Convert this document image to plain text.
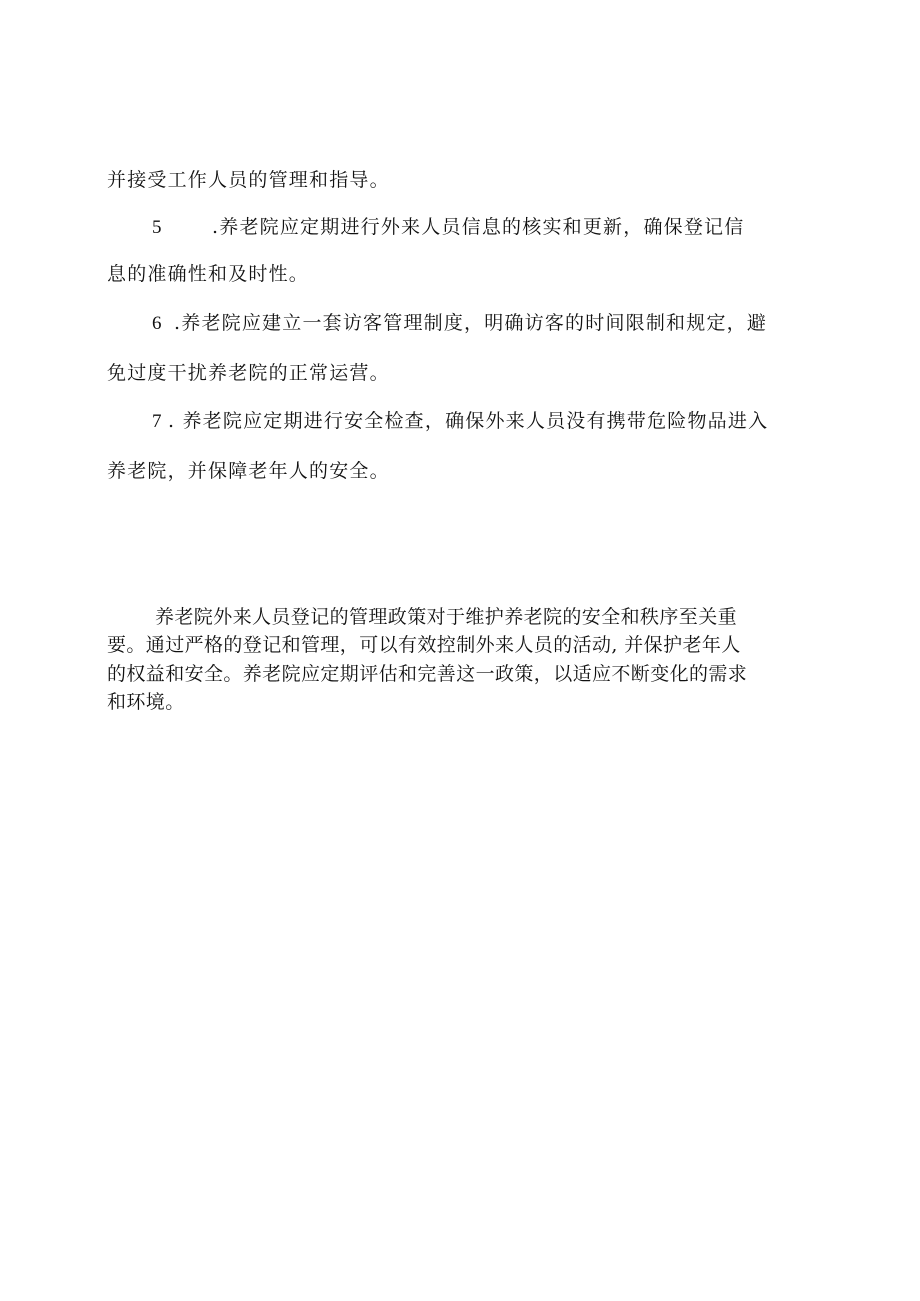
并接受工作人员的管理和指导。
5	.养老院应定期进行外来人员信息的核实和更新，确保登记信
息的准确性和及时性。
6 .养老院应建立一套访客管理制度，明确访客的时间限制和规定，避
免过度干扰养老院的正常运营。
7 . 养老院应定期进行安全检查，确保外来人员没有携带危险物品进入
养老院，并保障老年人的安全。
养老院外来人员登记的管理政策对于维护养老院的安全和秩序至关重
要。通过严格的登记和管理，可以有效控制外来人员的活动, 并保护老年人
的权益和安全。养老院应定期评估和完善这一政策，以适应不断变化的需求
和环境。
